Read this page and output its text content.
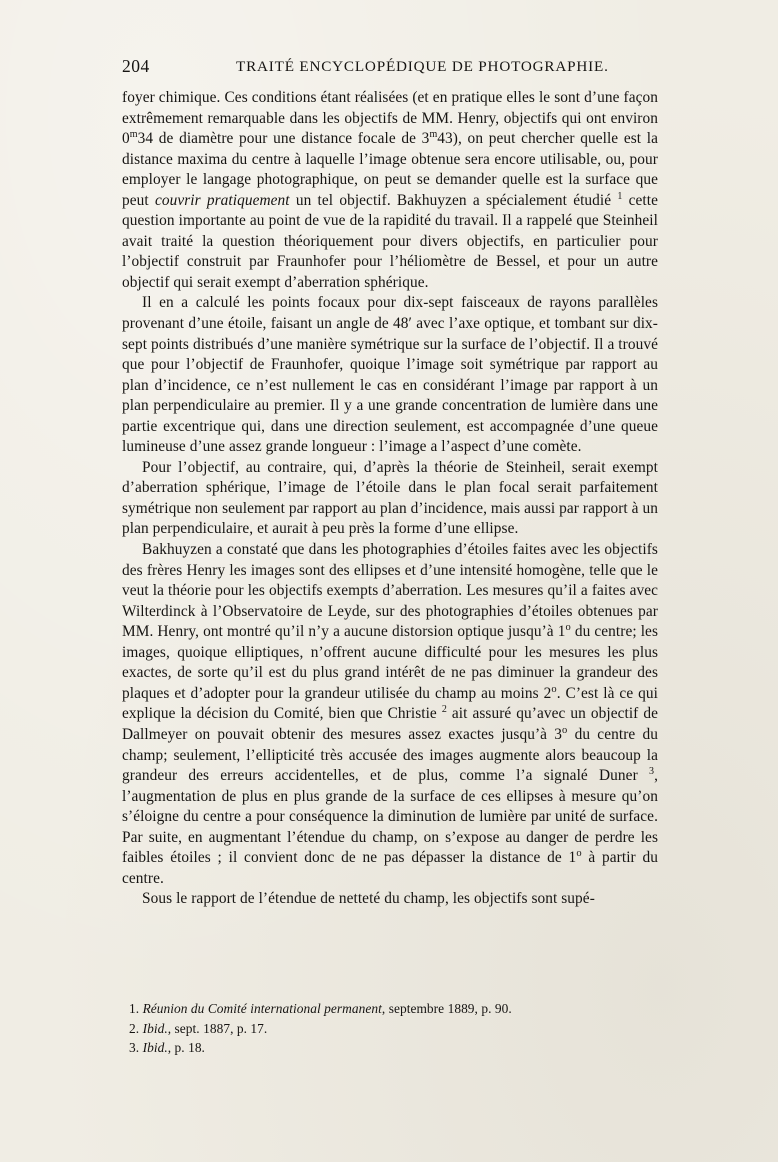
204	TRAITÉ ENCYCLOPÉDIQUE DE PHOTOGRAPHIE.

foyer chimique. Ces conditions étant réalisées (et en pratique elles le sont d’une façon extrêmement remarquable dans les objectifs de MM. Henry, objectifs qui ont environ 0$^m$34 de diamètre pour une distance focale de 3$^m$43), on peut chercher quelle est la distance maxima du centre à laquelle l’image obtenue sera encore utilisable, ou, pour employer le langage photographique, on peut se demander quelle est la surface que peut couvrir pratiquement un tel objectif. Bakhuyzen a spécialement étudié $^1$ cette question importante au point de vue de la rapidité du travail. Il a rappelé que Steinheil avait traité la question théoriquement pour divers objectifs, en particulier pour l’objectif construit par Fraunhofer pour l’héliomètre de Bessel, et pour un autre objectif qui serait exempt d’aberration sphérique.

Il en a calculé les points focaux pour dix-sept faisceaux de rayons parallèles provenant d’une étoile, faisant un angle de 48′ avec l’axe optique, et tombant sur dix-sept points distribués d’une manière symétrique sur la surface de l’objectif. Il a trouvé que pour l’objectif de Fraunhofer, quoique l’image soit symétrique par rapport au plan d’incidence, ce n’est nullement le cas en considérant l’image par rapport à un plan perpendiculaire au premier. Il y a une grande concentration de lumière dans une partie excentrique qui, dans une direction seulement, est accompagnée d’une queue lumineuse d’une assez grande longueur : l’image a l’aspect d’une comète.

Pour l’objectif, au contraire, qui, d’après la théorie de Steinheil, serait exempt d’aberration sphérique, l’image de l’étoile dans le plan focal serait parfaitement symétrique non seulement par rapport au plan d’incidence, mais aussi par rapport à un plan perpendiculaire, et aurait à peu près la forme d’une ellipse.

Bakhuyzen a constaté que dans les photographies d’étoiles faites avec les objectifs des frères Henry les images sont des ellipses et d’une intensité homogène, telle que le veut la théorie pour les objectifs exempts d’aberration. Les mesures qu’il a faites avec Wilterdinck à l’Observatoire de Leyde, sur des photographies d’étoiles obtenues par MM. Henry, ont montré qu’il n’y a aucune distorsion optique jusqu’à 1$^o$ du centre; les images, quoique elliptiques, n’offrent aucune difficulté pour les mesures les plus exactes, de sorte qu’il est du plus grand intérêt de ne pas diminuer la grandeur des plaques et d’adopter pour la grandeur utilisée du champ au moins 2$^o$. C’est là ce qui explique la décision du Comité, bien que Christie $^2$ ait assuré qu’avec un objectif de Dallmeyer on pouvait obtenir des mesures assez exactes jusqu’à 3$^o$ du centre du champ; seulement, l’ellipticité très accusée des images augmente alors beaucoup la grandeur des erreurs accidentelles, et de plus, comme l’a signalé Duner $^3$, l’augmentation de plus en plus grande de la surface de ces ellipses à mesure qu’on s’éloigne du centre a pour conséquence la diminution de lumière par unité de surface. Par suite, en augmentant l’étendue du champ, on s’expose au danger de perdre les faibles étoiles ; il convient donc de ne pas dépasser la distance de 1$^o$ à partir du centre.

Sous le rapport de l’étendue de netteté du champ, les objectifs sont supé-

1. Réunion du Comité international permanent, septembre 1889, p. 90.

2. Ibid., sept. 1887, p. 17.

3. Ibid., p. 18.
